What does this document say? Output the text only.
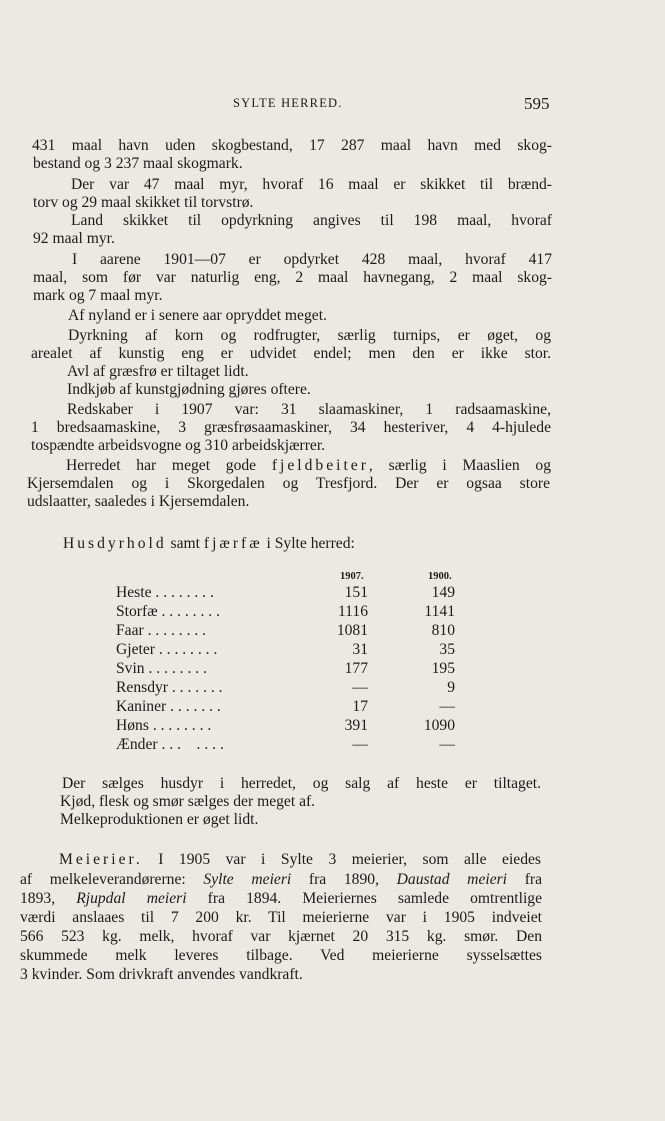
SYLTE HERRED.	595
431 maal havn uden skogbestand, 17 287 maal havn med skog-
bestand og 3 237 maal skogmark.
Der var 47 maal myr, hvoraf 16 maal er skikket til brænd-
torv og 29 maal skikket til torvstrø.
Land skikket til opdyrkning angives til 198 maal, hvoraf
92 maal myr.
I aarene 1901—07 er opdyrket 428 maal, hvoraf 417
maal, som før var naturlig eng, 2 maal havnegang, 2 maal skog-
mark og 7 maal myr.
Af nyland er i senere aar opryddet meget.
Dyrkning af korn og rodfrugter, særlig turnips, er øget, og
arealet af kunstig eng er udvidet endel; men den er ikke stor.
Avl af græsfrø er tiltaget lidt.
Indkjøb af kunstgjødning gjøres oftere.
Redskaber i 1907 var: 31 slaamaskiner, 1 radsaamaskine,
1 bredsaamaskine, 3 græsfrøsaamaskiner, 34 hesteriver, 4 4-hjulede
tospændte arbeidsvogne og 310 arbeidskjærrer.
Herredet har meget gode fjeldbeiter, særlig i Maaslien og
Kjersemdalen og i Skorgedalen og Tresfjord. Der er ogsaa store
udslaatter, saaledes i Kjersemdalen.
Husdyrhold samt fjærfæ i Sylte herred:
1907.	1900.
Heste . . . . . . . .	151	149
Storfæ . . . . . . . .	1116	1141
Faar . . . . . . . .	1081	810
Gjeter . . . . . . . .	31	35
Svin . . . . . . . .	177	195
Rensdyr . . . . . . .	—	9
Kaniner . . . . . . .	17	—
Høns . . . . . . . .	391	1090
Ænder . . .    . . . .	—	—
Der sælges husdyr i herredet, og salg af heste er tiltaget.
Kjød, flesk og smør sælges der meget af.
Melkeproduktionen er øget lidt.
Meierier. I 1905 var i Sylte 3 meierier, som alle eiedes
af melkeleverandørerne: Sylte meieri fra 1890, Daustad meieri fra
1893, Rjupdal meieri fra 1894. Meieriernes samlede omtrentlige
værdi anslaaes til 7 200 kr. Til meierierne var i 1905 indveiet
566 523 kg. melk, hvoraf var kjærnet 20 315 kg. smør. Den
skummede melk leveres tilbage. Ved meierierne sysselsættes
3 kvinder. Som drivkraft anvendes vandkraft.
